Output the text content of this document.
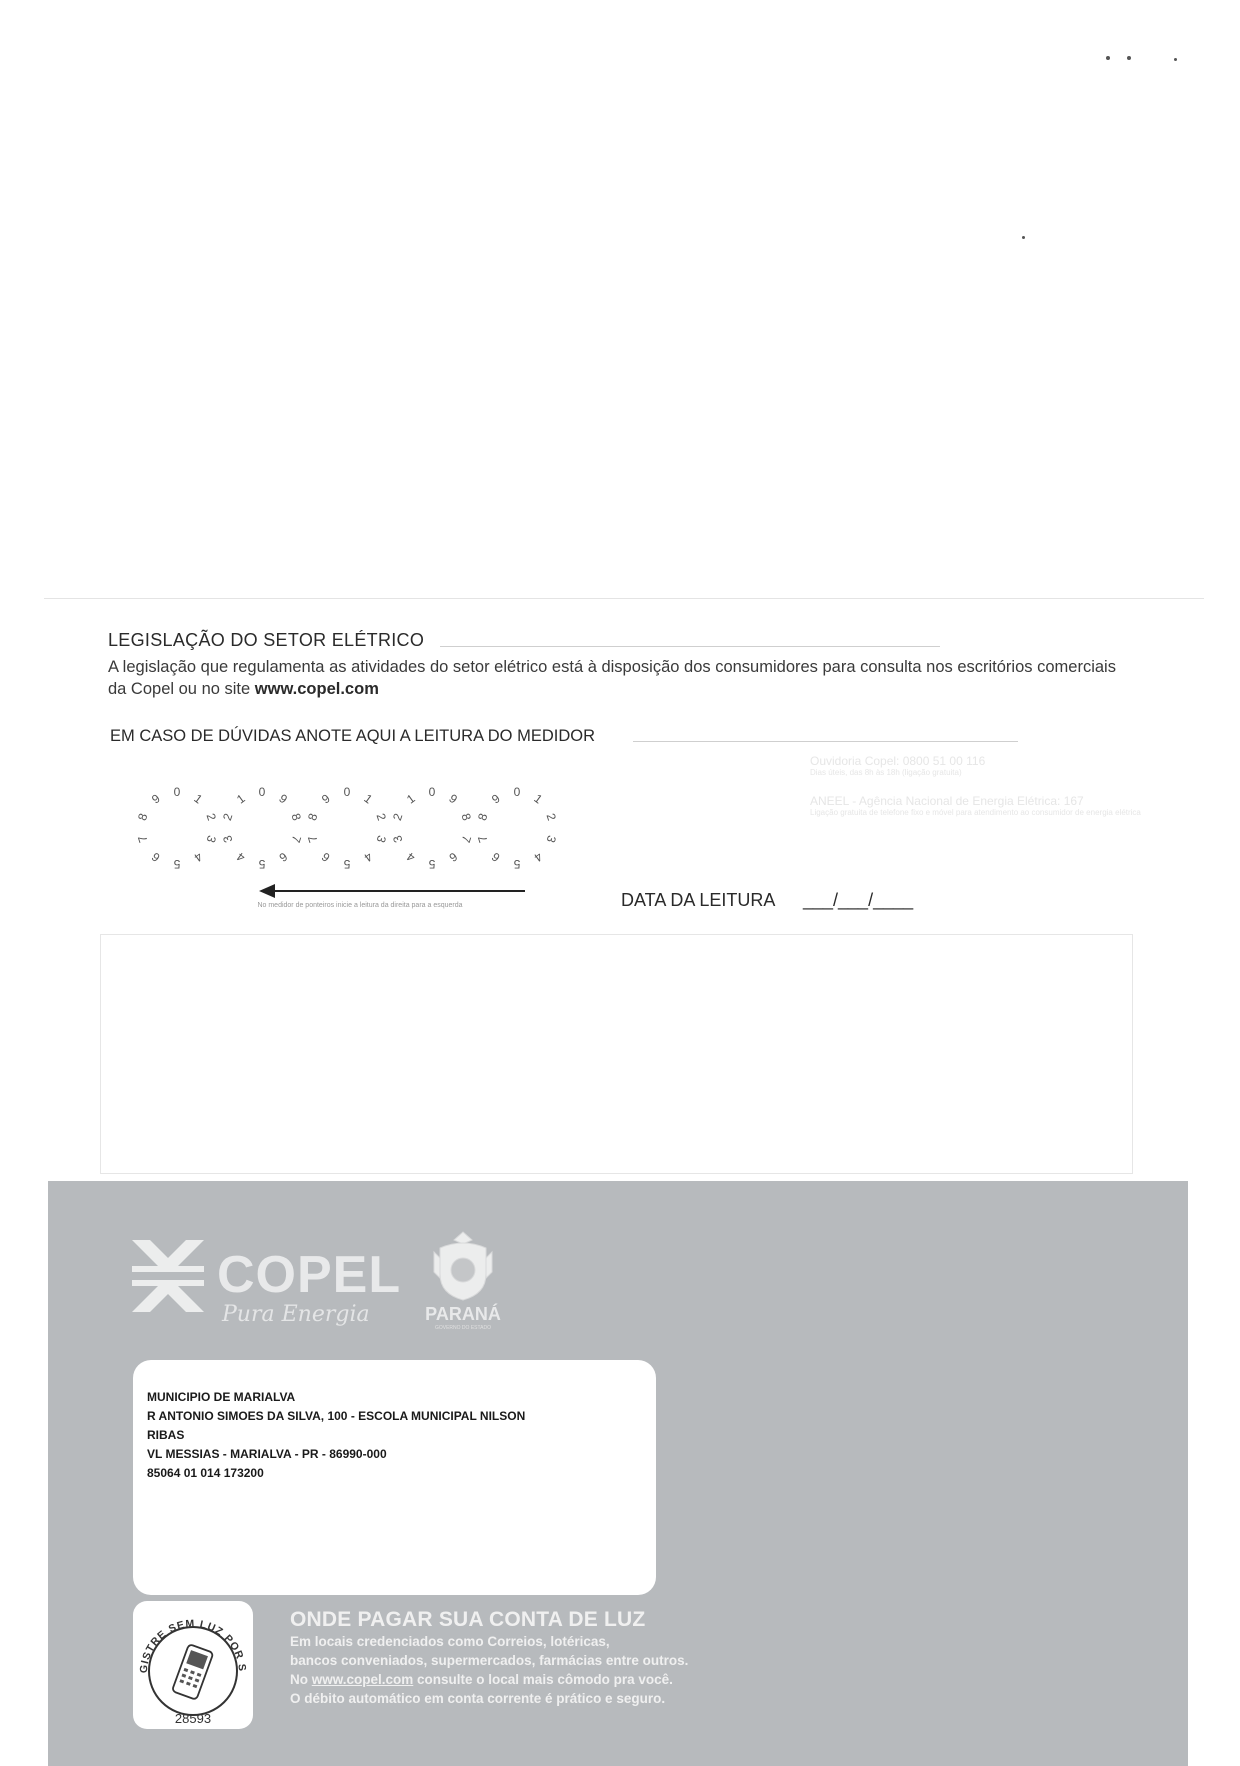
LEGISLAÇÃO DO SETOR ELÉTRICO
A legislação que regulamenta as atividades do setor elétrico está à disposição dos consumidores para consulta nos escritórios comerciais da Copel ou no site www.copel.com
EM CASO DE DÚVIDAS ANOTE AQUI A LEITURA DO MEDIDOR
Ouvidoria Copel: 0800 51 00 116
Dias úteis, das 8h às 18h (ligação gratuita)
ANEEL - Agência Nacional de Energia Elétrica: 167
Ligação gratuita de telefone fixo e móvel para atendimento ao consumidor de energia elétrica
0 1
2
3
4
5
6
7
8
9	0
1
2
3
4 5 6
7
8
9	0 1
2
3
4
5
6
7
8
9	0
1
2
3
4 5 6
7
8
9	0 1
2
3
4
5
6
7
8
9
No medidor de ponteiros inicie a leitura da direita para a esquerda	DATA DA LEITURA ___/___/____
COPEL
Pura Energia	PARANÁ
GOVERNO DO ESTADO
MUNICIPIO DE MARIALVA
R ANTONIO SIMOES DA SILVA, 100 - ESCOLA MUNICIPAL NILSON
RIBAS
VL MESSIAS - MARIALVA - PR - 86990-000
85064 01 014 173200
GISTRE SEM LUZ POR S
28593
ONDE PAGAR SUA CONTA DE LUZ
Em locais credenciados como Correios, lotéricas,
bancos conveniados, supermercados, farmácias entre outros.
No www.copel.com consulte o local mais cômodo pra você.
O débito automático em conta corrente é prático e seguro.
